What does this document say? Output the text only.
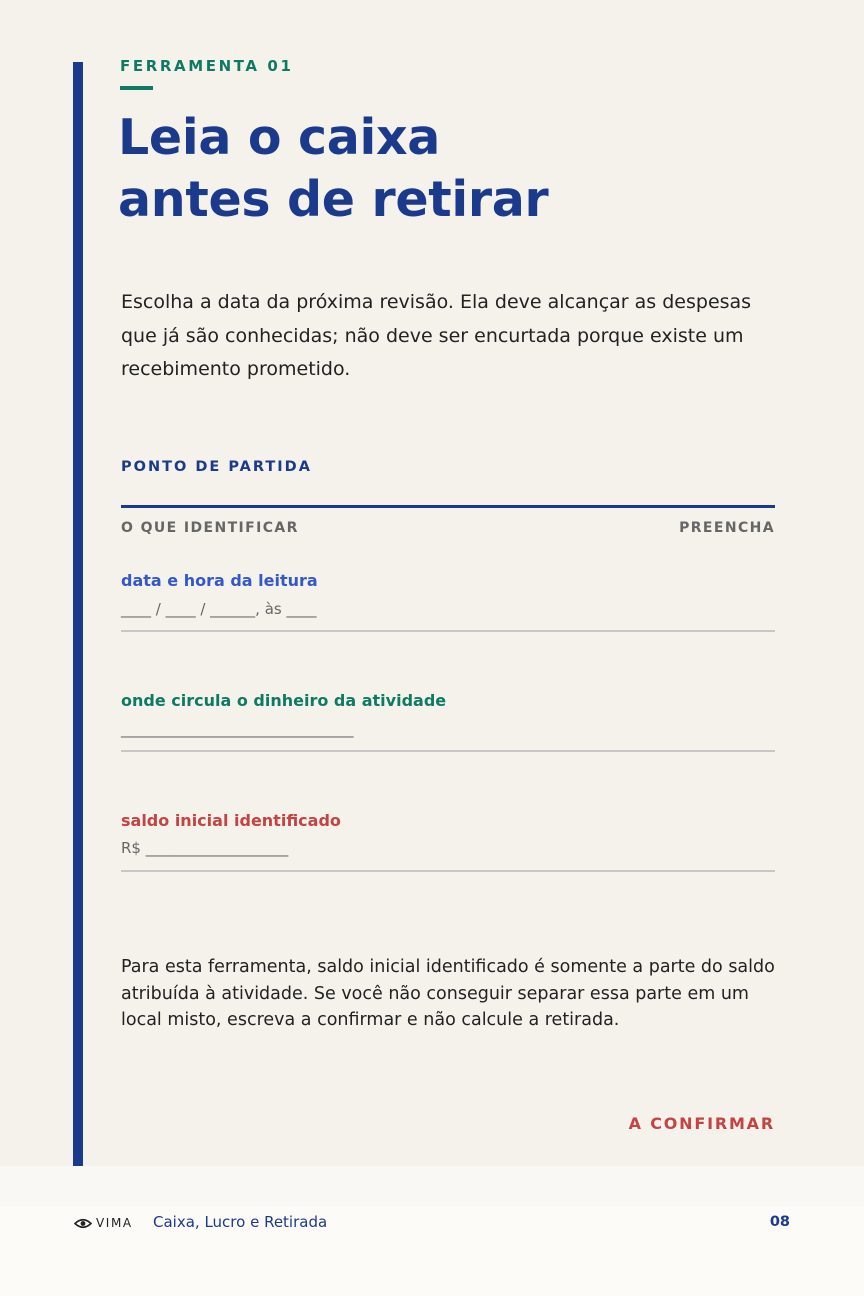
FERRAMENTA 01
Leia o caixa
antes de retirar

Escolha a data da próxima revisão. Ela deve alcançar as despesas que já são conhecidas; não deve ser encurtada porque existe um recebimento prometido.

PONTO DE PARTIDA
O QUE IDENTIFICAR	PREENCHA
data e hora da leitura
____ / ____ / ______, às ____
onde circula o dinheiro da atividade
_______________________________
saldo inicial identificado
R$ ___________________

Para esta ferramenta, saldo inicial identificado é somente a parte do saldo atribuída à atividade. Se você não conseguir separar essa parte em um local misto, escreva a confirmar e não calcule a retirada.

A CONFIRMAR
VIMA Caixa, Lucro e Retirada	08
